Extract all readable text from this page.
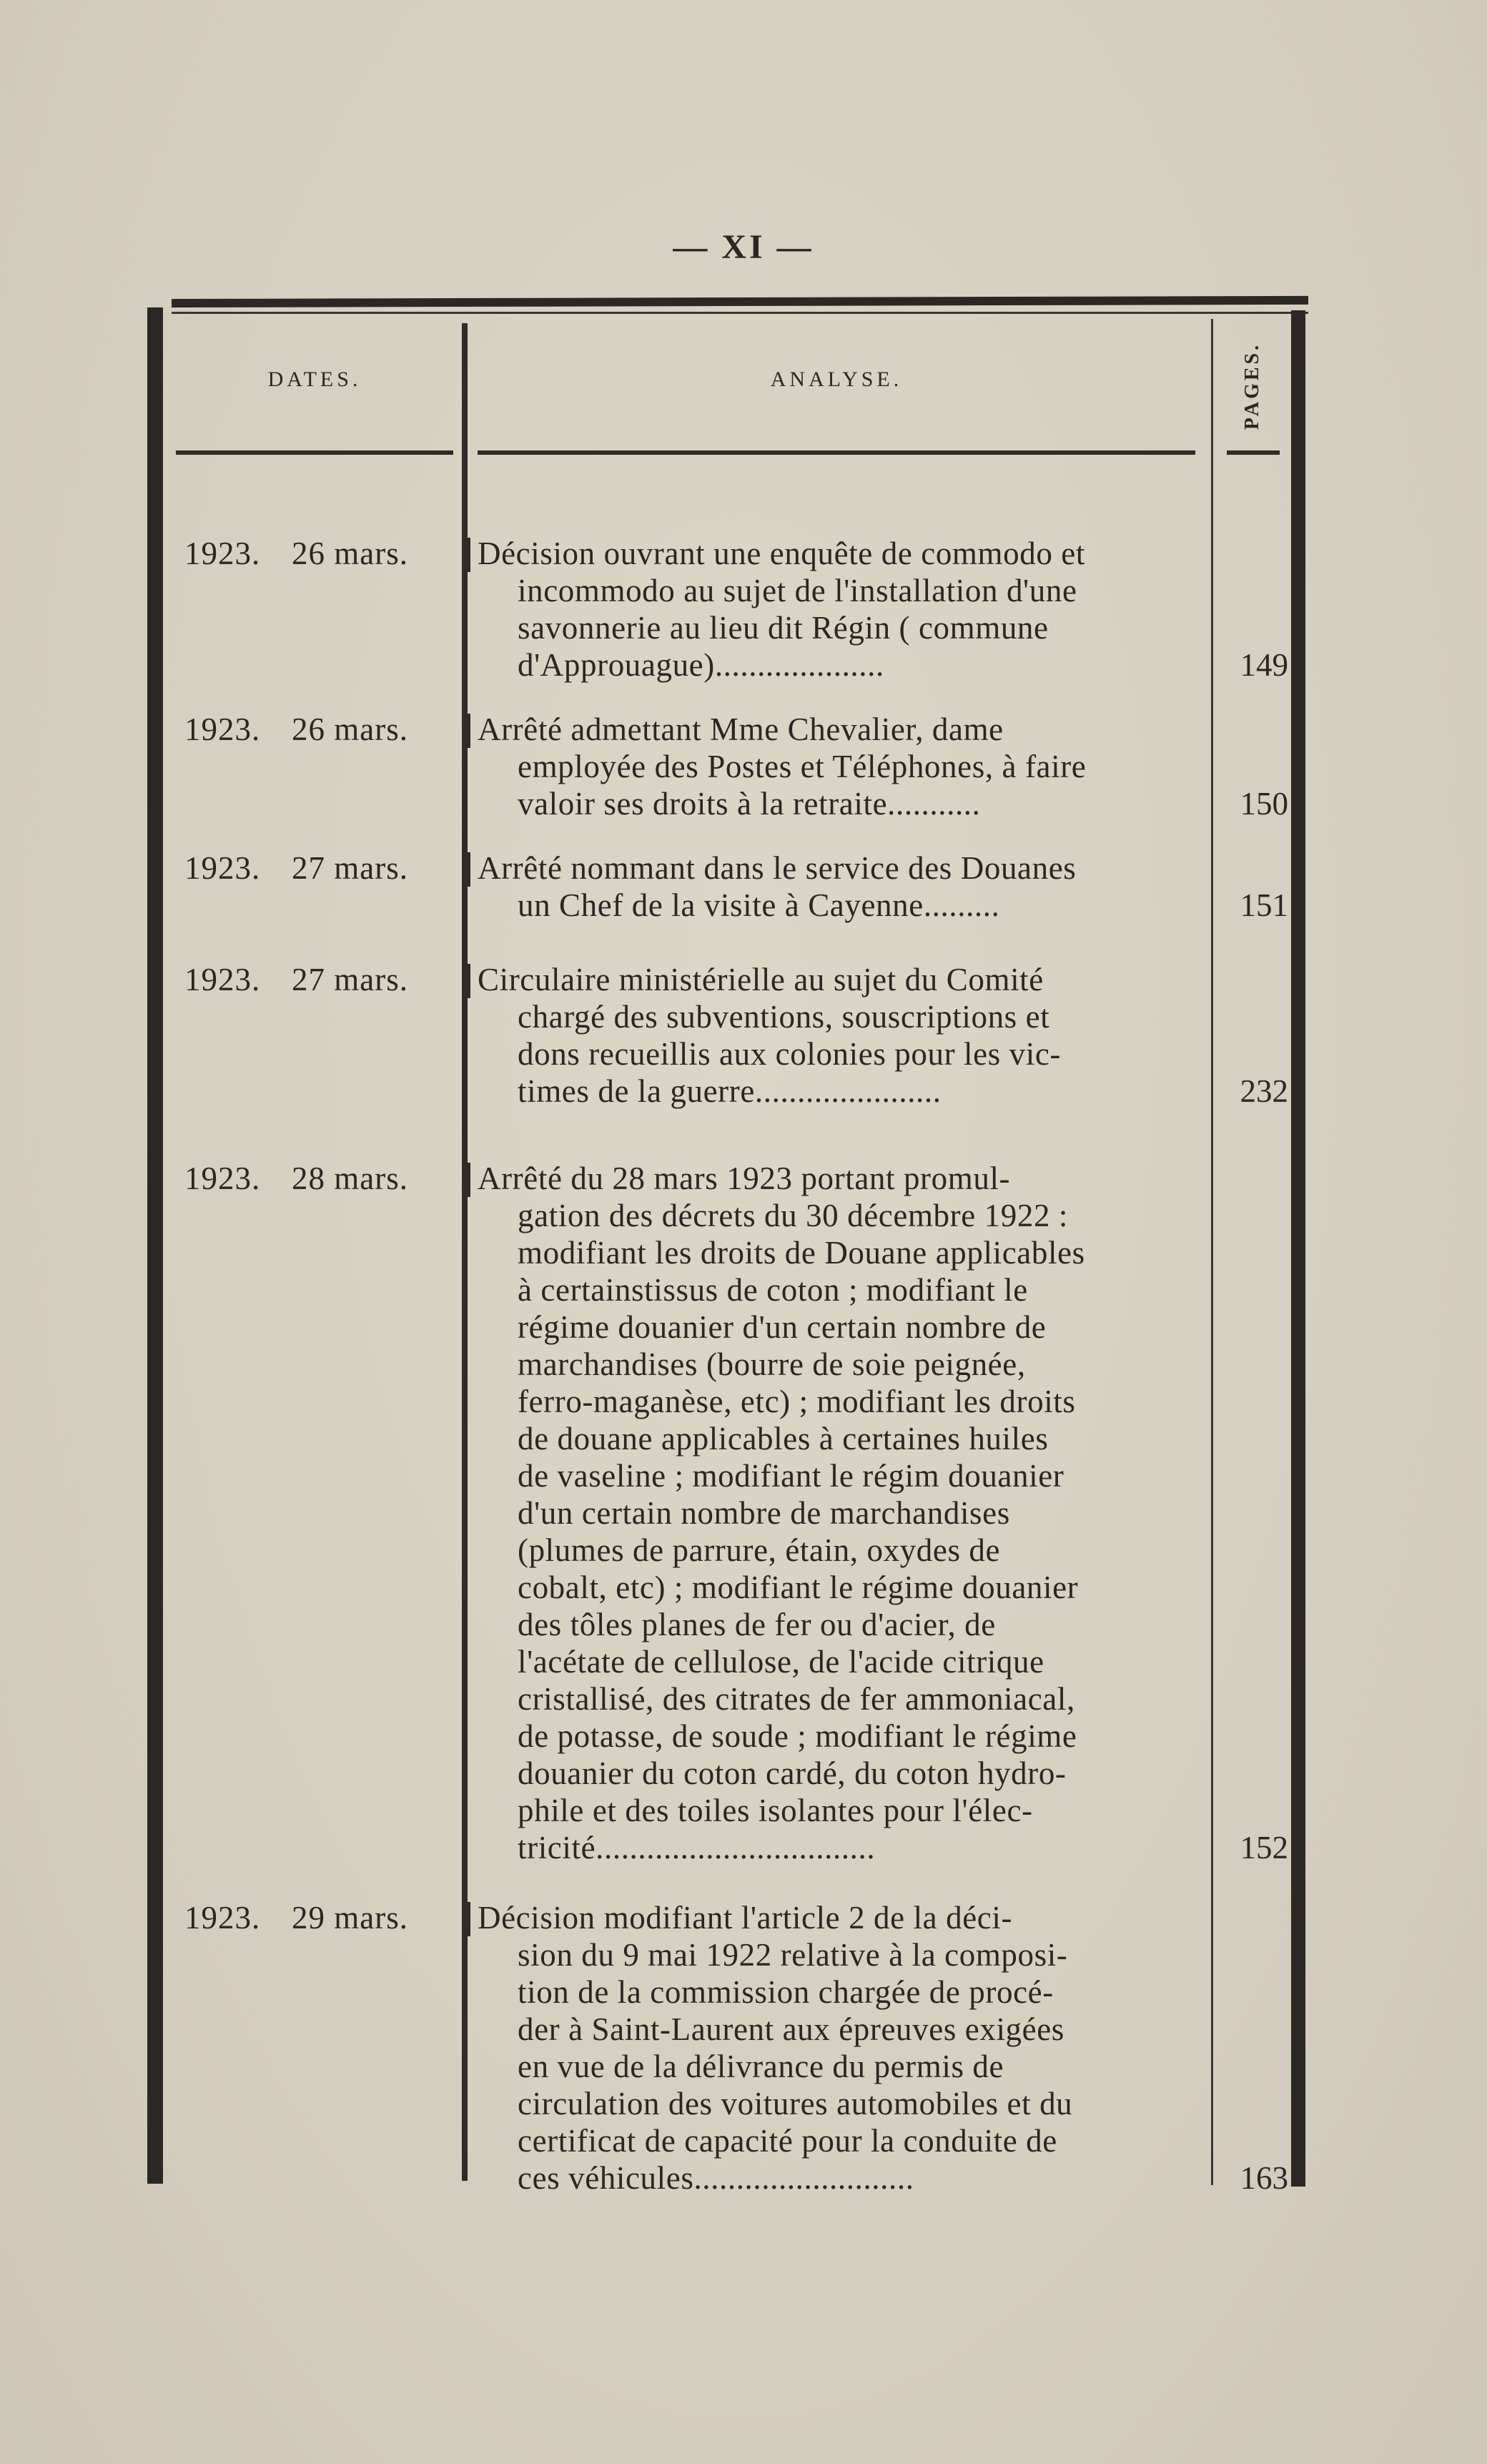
— XI —
DATES.	ANALYSE.	PAGES.
1923. 26 mars.	Décision ouvrant une enquête de commodo et
incommodo au sujet de l'installation d'une
savonnerie au lieu dit Régin ( commune
d'Approuague)....................	149
1923. 26 mars.	Arrêté admettant Mme Chevalier, dame
employée des Postes et Téléphones, à faire
valoir ses droits à la retraite...........	150
1923. 27 mars.	Arrêté nommant dans le service des Douanes
un Chef de la visite à Cayenne.........	151
1923. 27 mars.	Circulaire ministérielle au sujet du Comité
chargé des subventions, souscriptions et
dons recueillis aux colonies pour les vic-
times de la guerre......................	232
1923. 28 mars.	Arrêté du 28 mars 1923 portant promul-
gation des décrets du 30 décembre 1922 :
modifiant les droits de Douane applicables
à certainstissus de coton ; modifiant le
régime douanier d'un certain nombre de
marchandises (bourre de soie peignée,
ferro-maganèse, etc) ; modifiant les droits
de douane applicables à certaines huiles
de vaseline ; modifiant le régim douanier
d'un certain nombre de marchandises
(plumes de parrure, étain, oxydes de
cobalt, etc) ; modifiant le régime douanier
des tôles planes de fer ou d'acier, de
l'acétate de cellulose, de l'acide citrique
cristallisé, des citrates de fer ammoniacal,
de potasse, de soude ; modifiant le régime
douanier du coton cardé, du coton hydro-
phile et des toiles isolantes pour l'élec-
tricité.................................	152
1923. 29 mars.	Décision modifiant l'article 2 de la déci-
sion du 9 mai 1922 relative à la composi-
tion de la commission chargée de procé-
der à Saint-Laurent aux épreuves exigées
en vue de la délivrance du permis de
circulation des voitures automobiles et du
certificat de capacité pour la conduite de
ces véhicules..........................	163
